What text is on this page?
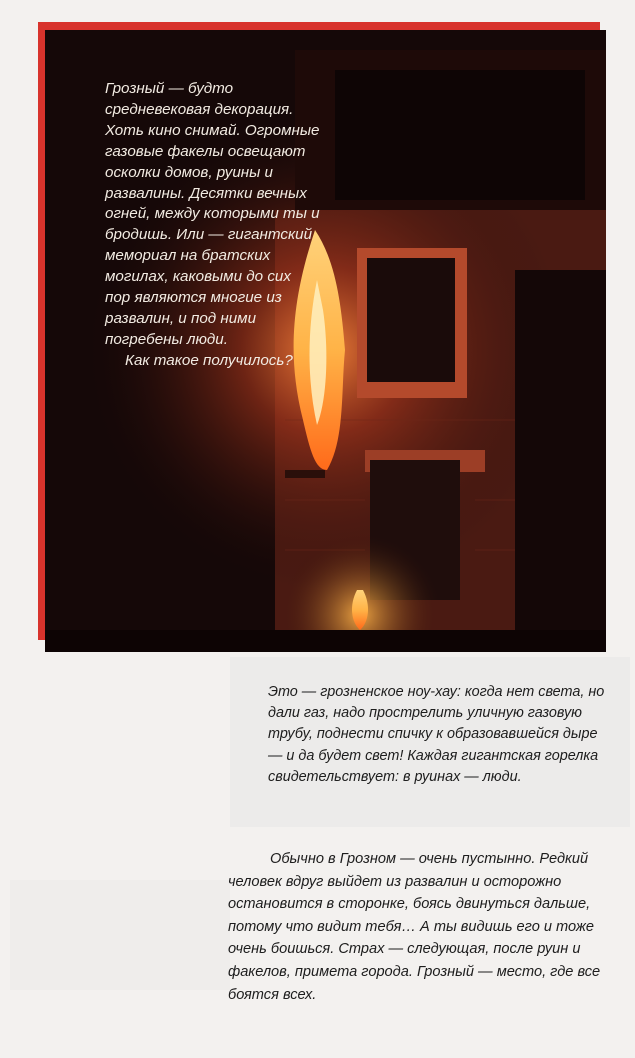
Грозный — будто средневековая декорация. Хоть кино снимай. Огромные газовые факелы освещают осколки домов, руины и развалины. Десятки вечных огней, между которыми ты и бродишь. Или — гигантский мемориал на братских могилах, каковыми до сих пор являются многие из развалин, и под ними погребены люди.

Как такое получилось?

Это — грозненское ноу-хау: когда нет света, но дали газ, надо прострелить уличную газовую трубу, поднести спичку к образовавшейся дыре — и да будет свет! Каждая гигантская горелка свидетельствует: в руинах — люди.

Обычно в Грозном — очень пустынно. Редкий человек вдруг выйдет из развалин и осторожно остановится в сторонке, боясь двинуться дальше, потому что видит тебя… А ты видишь его и тоже очень боишься. Страх — следующая, после руин и факелов, примета города. Грозный — место, где все боятся всех.
